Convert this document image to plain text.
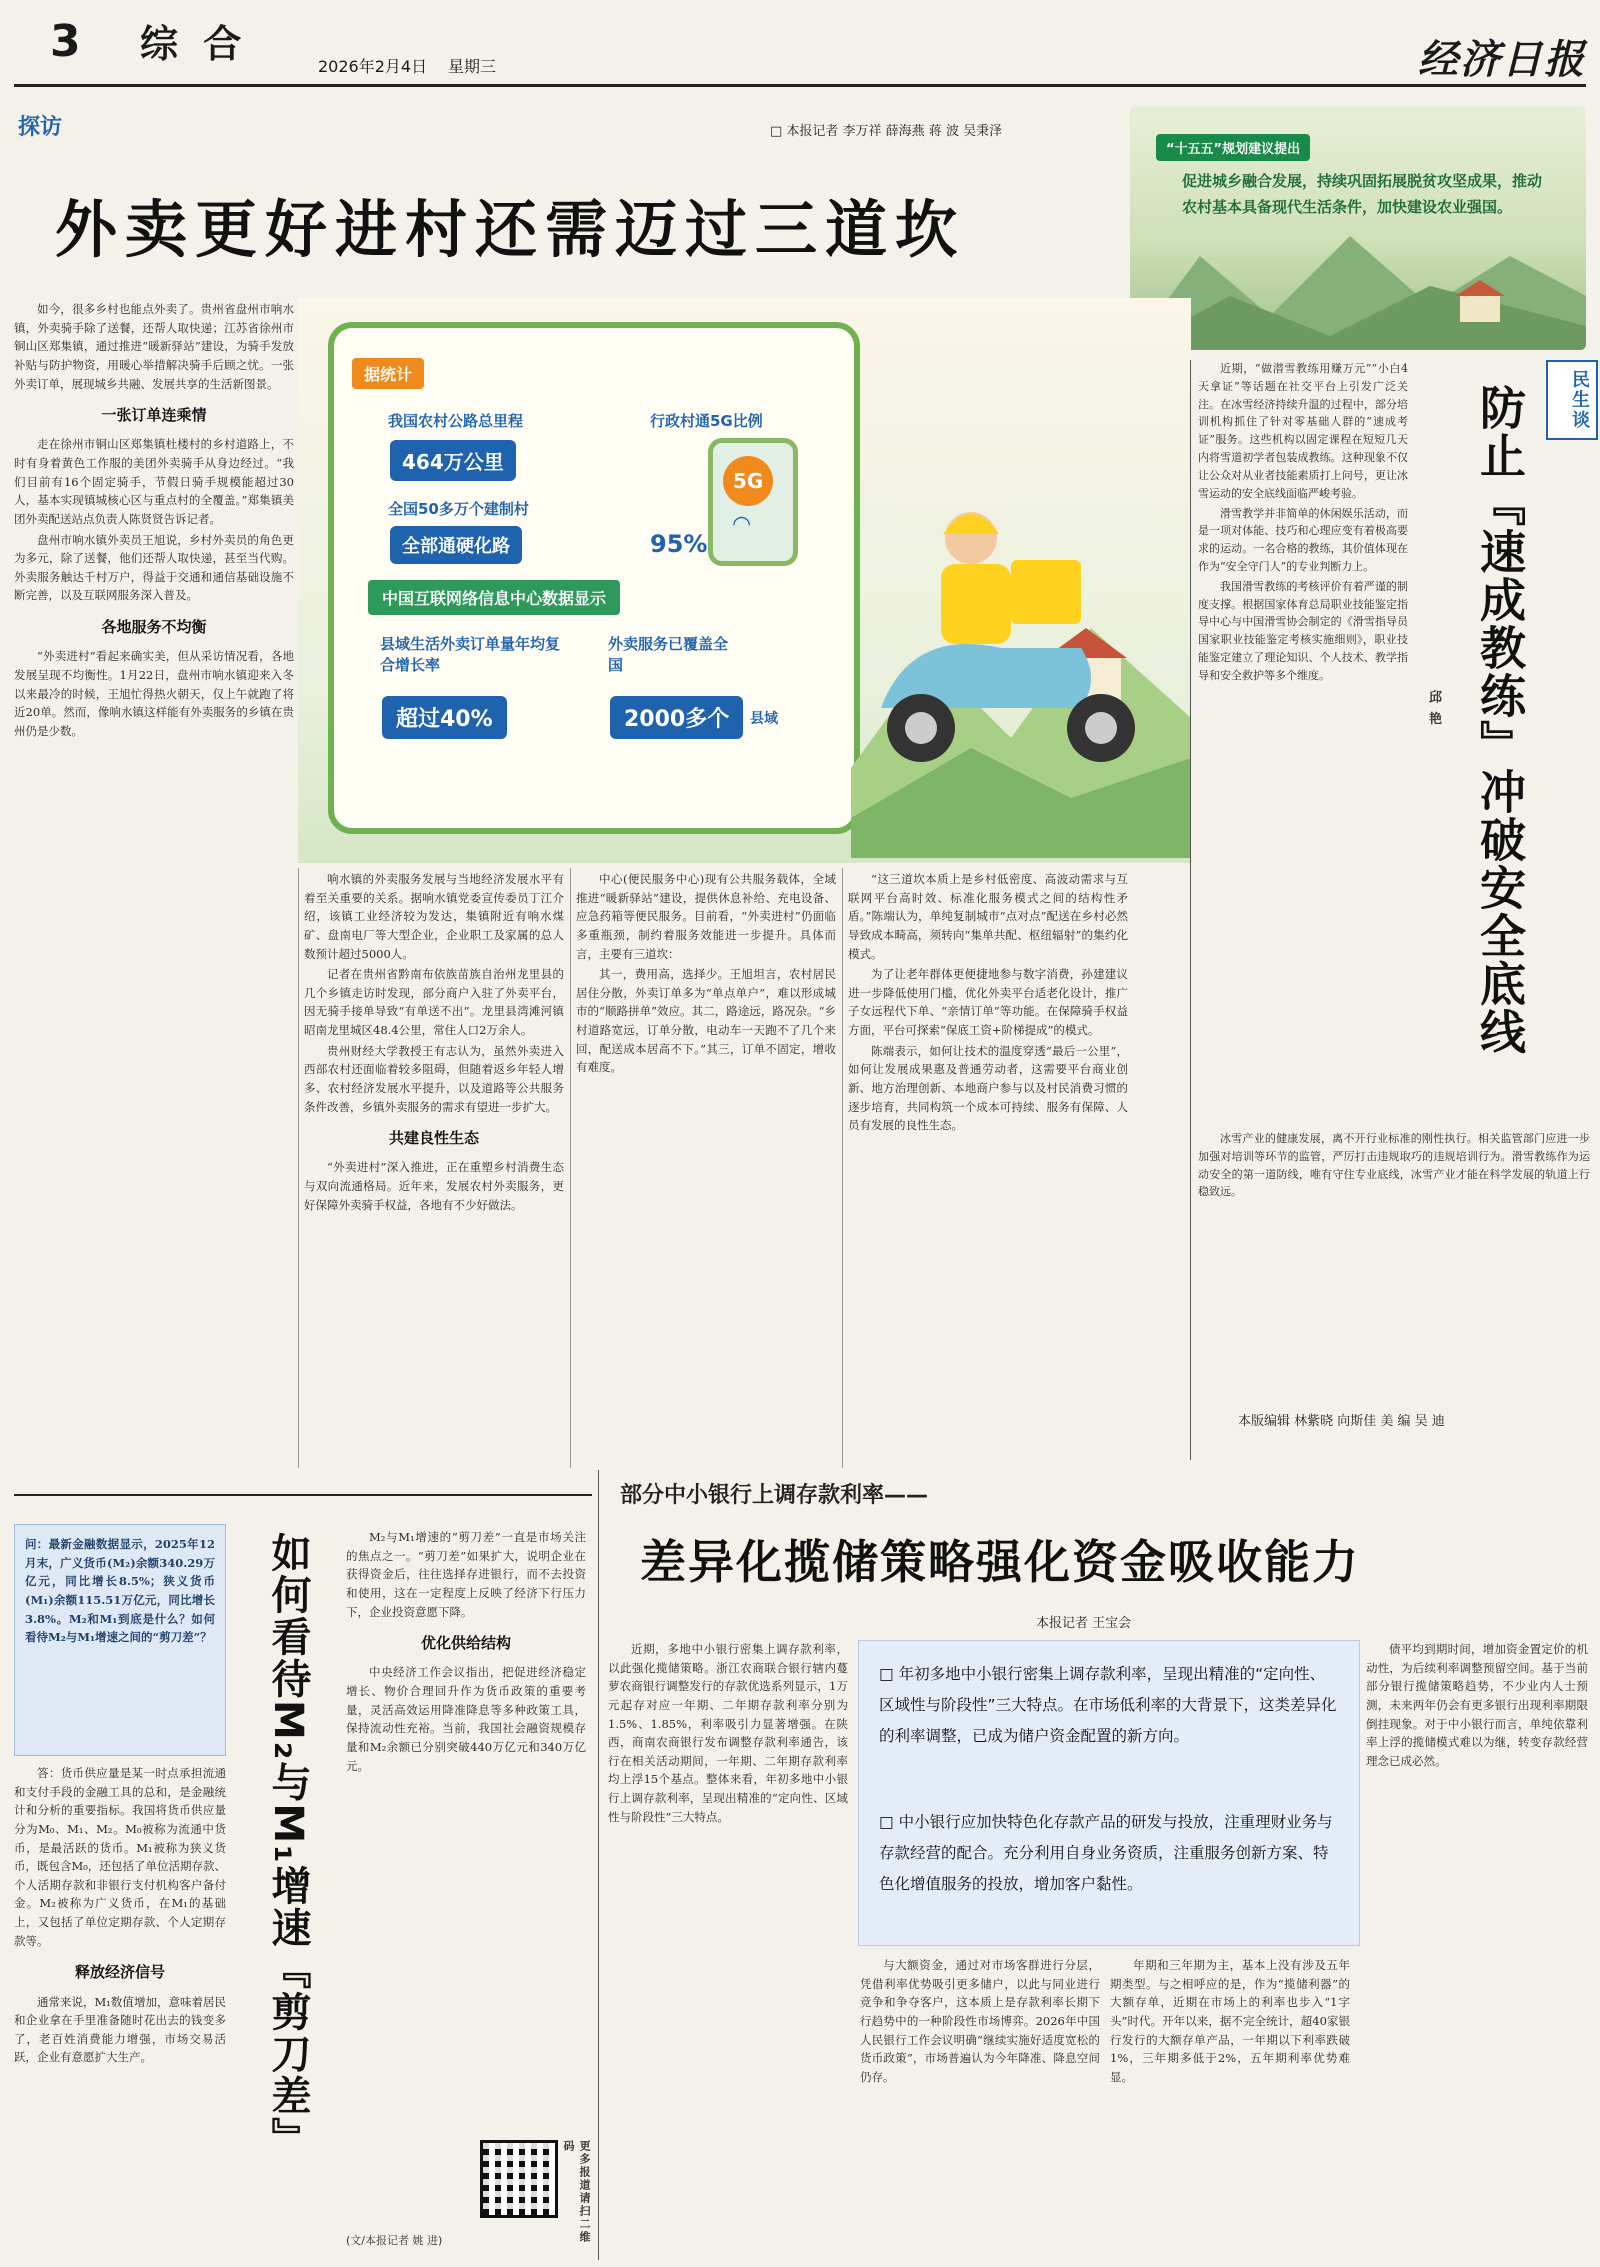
3 综 合
2026年2月4日 星期三	经济日报
探访	□ 本报记者 李万祥 薛海燕 蒋 波 吴秉泽
外卖更好进村还需迈过三道坎
“十五五”规划建议提出
促进城乡融合发展，持续巩固拓展脱贫攻坚成果，推动农村基本具备现代生活条件，加快建设农业强国。
据统计
我国农村公路总里程
464万公里
全国50多万个建制村
全部通硬化路
行政村通5G比例
5G
◠
95%
中国互联网络信息中心数据显示
县域生活外卖订单量年均复合增长率
超过40%
外卖服务已覆盖全国
2000多个	县域

如今，很多乡村也能点外卖了。贵州省盘州市响水镇，外卖骑手除了送餐，还帮人取快递；江苏省徐州市铜山区郑集镇，通过推进“暖新驿站”建设，为骑手发放补贴与防护物资，用暖心举措解决骑手后顾之忧。一张外卖订单，展现城乡共融、发展共享的生活新图景。

一张订单连乘情

走在徐州市铜山区郑集镇杜楼村的乡村道路上，不时有身着黄色工作服的美团外卖骑手从身边经过。“我们目前有16个固定骑手，节假日骑手规模能超过30人，基本实现镇城核心区与重点村的全覆盖。”郑集镇美团外卖配送站点负责人陈贤贤告诉记者。

盘州市响水镇外卖员王旭说，乡村外卖员的角色更为多元，除了送餐，他们还帮人取快递，甚至当代购。外卖服务触达千村万户，得益于交通和通信基础设施不断完善，以及互联网服务深入普及。

各地服务不均衡

“外卖进村”看起来确实美，但从采访情况看，各地发展呈现不均衡性。1月22日，盘州市响水镇迎来入冬以来最冷的时候，王旭忙得热火朝天，仅上午就跑了将近20单。然而，像响水镇这样能有外卖服务的乡镇在贵州仍是少数。

响水镇的外卖服务发展与当地经济发展水平有着至关重要的关系。据响水镇党委宣传委员丁江介绍，该镇工业经济较为发达，集镇附近有响水煤矿、盘南电厂等大型企业，企业职工及家属的总人数预计超过5000人。

记者在贵州省黔南布依族苗族自治州龙里县的几个乡镇走访时发现，部分商户入驻了外卖平台，因无骑手接单导致“有单送不出”。龙里县湾滩河镇昭南龙里城区48.4公里，常住人口2万余人。

贵州财经大学教授王有志认为，虽然外卖进入西部农村还面临着较多阻碍，但随着返乡年轻人增多、农村经济发展水平提升，以及道路等公共服务条件改善，乡镇外卖服务的需求有望进一步扩大。

共建良性生态

“外卖进村”深入推进，正在重塑乡村消费生态与双向流通格局。近年来，发展农村外卖服务，更好保障外卖骑手权益，各地有不少好做法。

中心(便民服务中心)现有公共服务载体，全域推进“暖新驿站”建设，提供休息补给、充电设备、应急药箱等便民服务。目前看，“外卖进村”仍面临多重瓶颈，制约着服务效能进一步提升。具体而言，主要有三道坎：

其一，费用高，选择少。王旭坦言，农村居民居住分散，外卖订单多为“单点单户”，难以形成城市的“顺路拼单”效应。其二，路途远，路况杂。“乡村道路宽远，订单分散，电动车一天跑不了几个来回，配送成本居高不下。”其三，订单不固定，增收有难度。

“这三道坎本质上是乡村低密度、高波动需求与互联网平台高时效、标准化服务模式之间的结构性矛盾。”陈端认为，单纯复制城市“点对点”配送在乡村必然导致成本畸高，须转向“集单共配、枢纽辐射”的集约化模式。

为了让老年群体更便捷地参与数字消费，孙建建议进一步降低使用门槛，优化外卖平台适老化设计，推广子女远程代下单、“亲情订单”等功能。在保障骑手权益方面，平台可探索“保底工资+阶梯提成”的模式。

陈端表示，如何让技术的温度穿透“最后一公里”，如何让发展成果惠及普通劳动者，这需要平台商业创新、地方治理创新、本地商户参与以及村民消费习惯的逐步培育，共同构筑一个成本可持续、服务有保障、人员有发展的良性生态。

民生谈
防止『速成教练』冲破安全底线
邱 艳

近期，“做潜雪教练用赚万元”“小白4天拿证”等话题在社交平台上引发广泛关注。在冰雪经济持续升温的过程中，部分培训机构抓住了针对零基础人群的“速成考证”服务。这些机构以固定课程在短短几天内将雪道初学者包装成教练。这种现象不仅让公众对从业者技能素质打上问号，更让冰雪运动的安全底线面临严峻考验。

滑雪教学并非简单的休闲娱乐活动，而是一项对体能、技巧和心理应变有着极高要求的运动。一名合格的教练，其价值体现在作为“安全守门人”的专业判断力上。

我国滑雪教练的考核评价有着严谨的制度支撑。根据国家体育总局职业技能鉴定指导中心与中国滑雪协会制定的《滑雪指导员国家职业技能鉴定考核实施细则》，职业技能鉴定建立了理论知识、个人技术、教学指导和安全救护等多个维度。

冰雪产业的健康发展，离不开行业标准的刚性执行。相关监管部门应进一步加强对培训等环节的监管，严厉打击违规取巧的违规培训行为。滑雪教练作为运动安全的第一道防线，唯有守住专业底线，冰雪产业才能在科学发展的轨道上行稳致远。

本版编辑 林紫晓 向斯佳 美 编 吴 迪
问：最新金融数据显示，2025年12月末，广义货币(M₂)余额340.29万亿元，同比增长8.5%；狭义货币(M₁)余额115.51万亿元，同比增长3.8%。M₂和M₁到底是什么？如何看待M₂与M₁增速之间的“剪刀差”？ 如何看待M₂与M₁增速『剪刀差』

答：货币供应量是某一时点承担流通和支付手段的金融工具的总和，是金融统计和分析的重要指标。我国将货币供应量分为M₀、M₁、M₂。M₀被称为流通中货币，是最活跃的货币。M₁被称为狭义货币，既包含M₀，还包括了单位活期存款、个人活期存款和非银行支付机构客户备付金。M₂被称为广义货币，在M₁的基础上，又包括了单位定期存款、个人定期存款等。

释放经济信号

通常来说，M₁数值增加，意味着居民和企业拿在手里准备随时花出去的钱变多了，老百姓消费能力增强，市场交易活跃，企业有意愿扩大生产。

M₂与M₁增速的“剪刀差”一直是市场关注的焦点之一。“剪刀差”如果扩大，说明企业在获得资金后，往往选择存进银行，而不去投资和使用，这在一定程度上反映了经济下行压力下，企业投资意愿下降。

优化供给结构

中央经济工作会议指出，把促进经济稳定增长、物价合理回升作为货币政策的重要考量，灵活高效运用降准降息等多种政策工具，保持流动性充裕。当前，我国社会融资规模存量和M₂余额已分别突破440万亿元和340万亿元。

更多报道请扫二维码
(文/本报记者 姚 进)
部分中小银行上调存款利率——
差异化揽储策略强化资金吸收能力
本报记者 王宝会

近期，多地中小银行密集上调存款利率，以此强化揽储策略。浙江农商联合银行辖内蔓萝农商银行调整发行的存款优选系列显示，1万元起存对应一年期、二年期存款利率分别为1.5%、1.85%，利率吸引力显著增强。在陕西，商南农商银行发布调整存款利率通告，该行在相关活动期间，一年期、二年期存款利率均上浮15个基点。整体来看，年初多地中小银行上调存款利率，呈现出精准的“定向性、区域性与阶段性”三大特点。

□ 年初多地中小银行密集上调存款利率，呈现出精准的“定向性、区域性与阶段性”三大特点。在市场低利率的大背景下，这类差异化的利率调整，已成为储户资金配置的新方向。
□ 中小银行应加快特色化存款产品的研发与投放，注重理财业务与存款经营的配合。充分利用自身业务资质，注重服务创新方案、特色化增值服务的投放，增加客户黏性。

与大额资金，通过对市场客群进行分层，凭借利率优势吸引更多储户，以此与同业进行竞争和争夺客户，这本质上是存款利率长期下行趋势中的一种阶段性市场博弈。2026年中国人民银行工作会议明确“继续实施好适度宽松的货币政策”，市场普遍认为今年降准、降息空间仍存。

年期和三年期为主，基本上没有涉及五年期类型。与之相呼应的是，作为“揽储利器”的大额存单，近期在市场上的利率也步入“1字头”时代。开年以来，据不完全统计，超40家银行发行的大额存单产品，一年期以下利率跌破1%，三年期多低于2%，五年期利率优势难显。

债平均到期时间，增加资金置定价的机动性，为后续利率调整预留空间。基于当前部分银行揽储策略趋势，不少业内人士预测，未来两年仍会有更多银行出现利率期限倒挂现象。对于中小银行而言，单纯依靠利率上浮的揽储模式难以为继，转变存款经营理念已成必然。
